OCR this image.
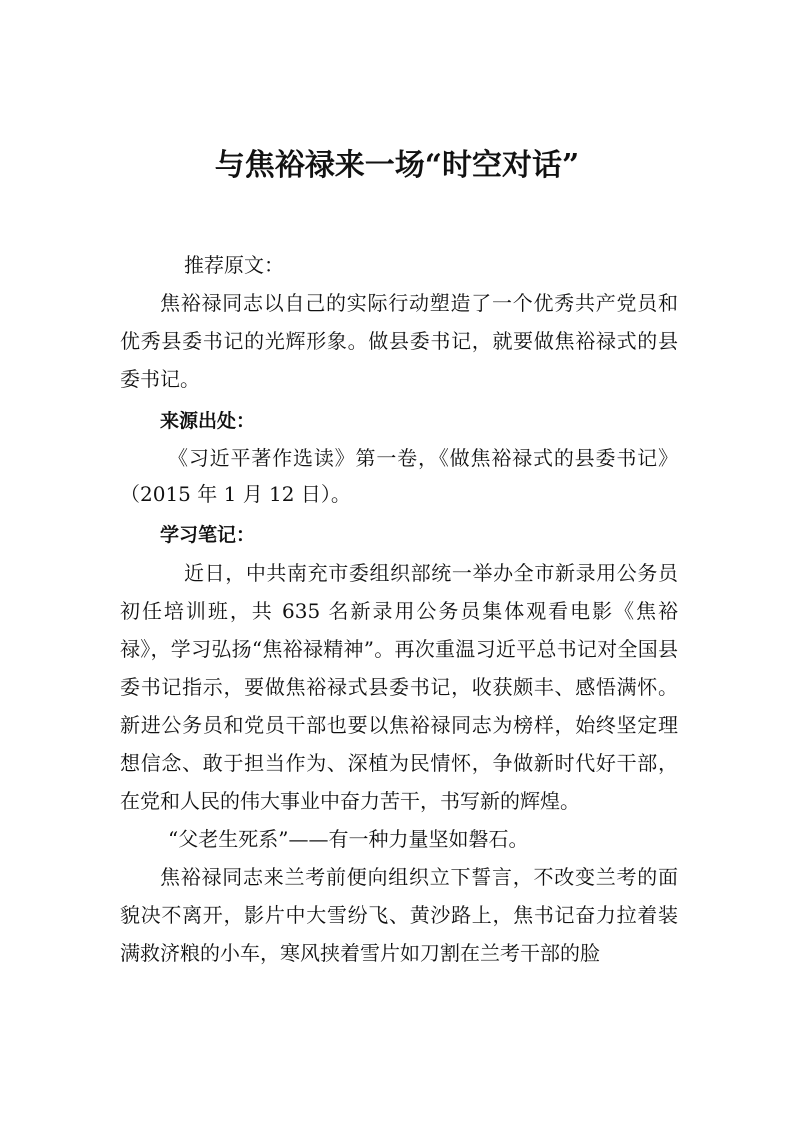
与焦裕禄来一场“时空对话”

推荐原文：

焦裕禄同志以自己的实际行动塑造了一个优秀共产党员和优秀县委书记的光辉形象。做县委书记，就要做焦裕禄式的县委书记。

来源出处：

《习近平著作选读》第一卷，《做焦裕禄式的县委书记》（2015 年 1 月 12 日）。

学习笔记：

近日，中共南充市委组织部统一举办全市新录用公务员初任培训班，共 635 名新录用公务员集体观看电影《焦裕禄》，学习弘扬“焦裕禄精神”。再次重温习近平总书记对全国县委书记指示，要做焦裕禄式县委书记，收获颇丰、感悟满怀。新进公务员和党员干部也要以焦裕禄同志为榜样，始终坚定理想信念、敢于担当作为、深植为民情怀，争做新时代好干部，在党和人民的伟大事业中奋力苦干，书写新的辉煌。

“父老生死系”——有一种力量坚如磐石。

焦裕禄同志来兰考前便向组织立下誓言，不改变兰考的面貌决不离开，影片中大雪纷飞、黄沙路上，焦书记奋力拉着装满救济粮的小车，寒风挟着雪片如刀割在兰考干部的脸
